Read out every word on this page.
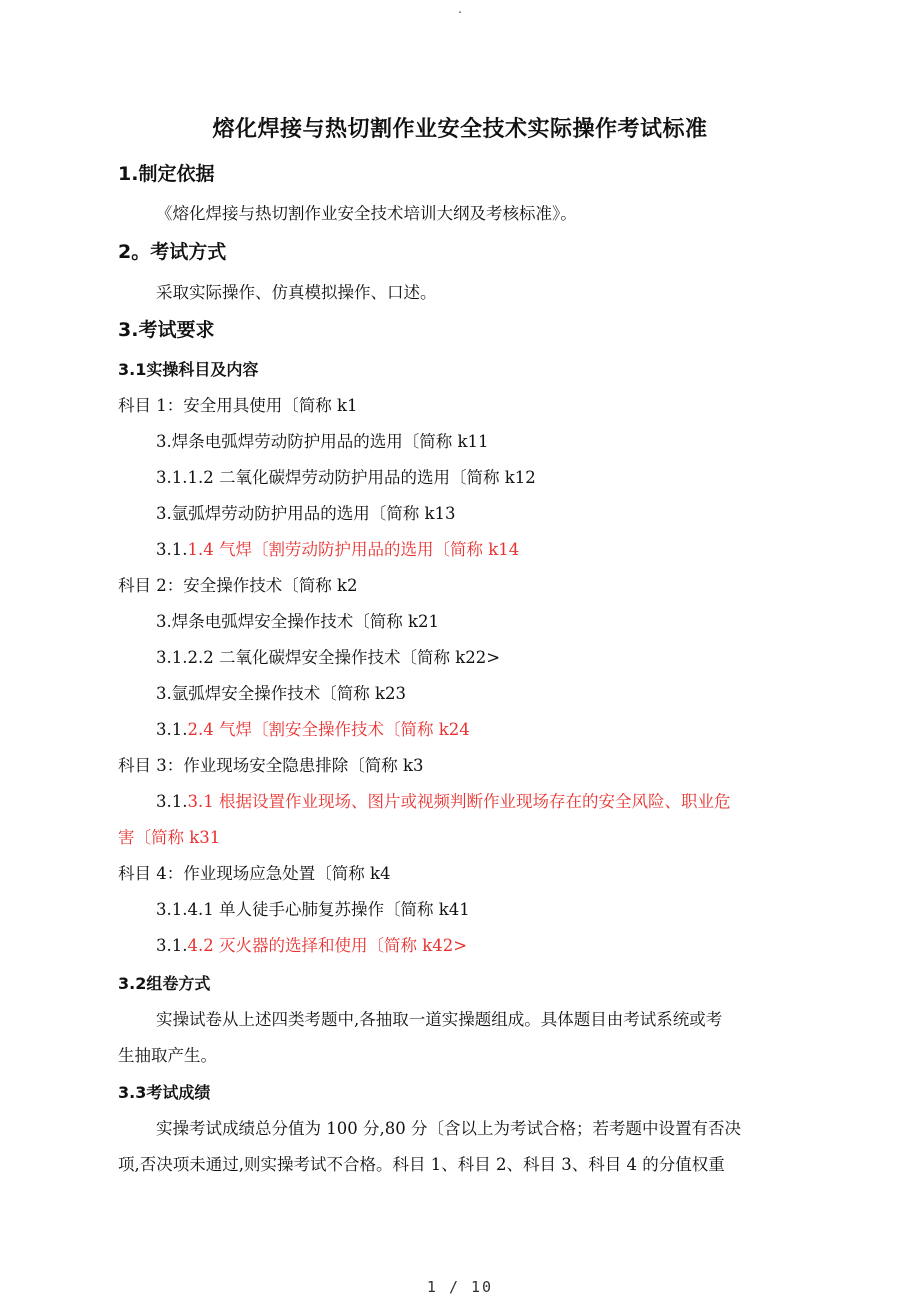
.
熔化焊接与热切割作业安全技术实际操作考试标准
1.制定依据
《熔化焊接与热切割作业安全技术培训大纲及考核标准》。
2。考试方式
采取实际操作、仿真模拟操作、口述。
3.考试要求
3.1实操科目及内容
科目 1：安全用具使用〔简称 k1
3.焊条电弧焊劳动防护用品的选用〔简称 k11
3.1.1.2 二氧化碳焊劳动防护用品的选用〔简称 k12
3.氩弧焊劳动防护用品的选用〔简称 k13
3.1.1.4 气焊〔割劳动防护用品的选用〔简称 k14
科目 2：安全操作技术〔简称 k2
3.焊条电弧焊安全操作技术〔简称 k21
3.1.2.2 二氧化碳焊安全操作技术〔简称 k22>
3.氩弧焊安全操作技术〔简称 k23
3.1.2.4 气焊〔割安全操作技术〔简称 k24
科目 3：作业现场安全隐患排除〔简称 k3
3.1.3.1 根据设置作业现场、图片或视频判断作业现场存在的安全风险、职业危
害〔简称 k31
科目 4：作业现场应急处置〔简称 k4
3.1.4.1 单人徒手心肺复苏操作〔简称 k41
3.1.4.2 灭火器的选择和使用〔简称 k42>
3.2组卷方式
实操试卷从上述四类考题中,各抽取一道实操题组成。具体题目由考试系统或考
生抽取产生。
3.3考试成绩
实操考试成绩总分值为 100 分,80 分〔含以上为考试合格；若考题中设置有否决
项,否决项未通过,则实操考试不合格。科目 1、科目 2、科目 3、科目 4 的分值权重
1 / 10
